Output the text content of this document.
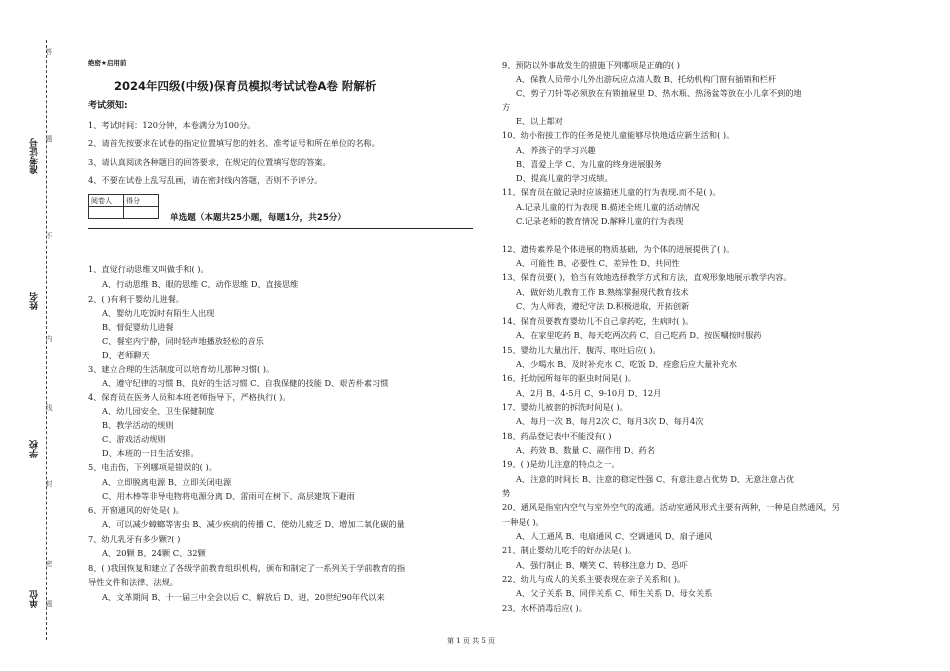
答
题
不
内
线
封
密
题
准考证号
姓名
学校
单位
绝密★启用前
2024年四级(中级)保育员模拟考试试卷A卷 附解析
考试须知:
1、考试时间：120分钟，本卷满分为100分。
2、请首先按要求在试卷的指定位置填写您的姓名、准考证号和所在单位的名称。
3、请认真阅读各种题目的回答要求，在规定的位置填写您的答案。
4、不要在试卷上乱写乱画，请在密封线内答题，否则不予评分。
阅卷人	得分

单选题（本题共25小题，每题1分，共25分）
1、直觉行动思维又叫做手和( )。
A、行动思维 B、眼的思维 C、动作思维 D、直接思维
2、( )有利于婴幼儿进餐。
A、婴幼儿吃饭时有陌生人出现
B、督促婴幼儿进餐
C、餐室内宁静，同时轻声地播放轻松的音乐
D、老师聊天
3、建立合理的生活制度可以培育幼儿那种习惯( )。
A、遵守纪律的习惯 B、良好的生活习惯 C、自我保健的技能 D、艰苦朴素习惯
4、保育员在医务人员和本班老师指导下，严格执行( )。
A、幼儿园安全、卫生保健制度
B、教学活动的规则
C、游戏活动规则
D、本班的一日生活安排。
5、电击伤，下列哪项是错误的( )。
A、立即脱离电源 B、立即关闭电源
C、用木棒等非导电物将电源分离 D、雷雨可在树下、高层建筑下避雨
6、开窗通风的好处是( )。
A、可以减少蟑螂等害虫 B、减少疾病的传播 C、使幼儿疲乏 D、增加二氧化碳的量
7、幼儿乳牙有多少颗?( )
A、20颗 B、24颗 C、32颗
8、( )我国恢复和建立了各级学前教育组织机构，颁布和制定了一系列关于学前教育的指
导性文件和法律、法规。
A、文革期间 B、十一届三中全会以后 C、解放后 D、进，20世纪90年代以来
9、预防以外事故发生的措施下列哪项是正确的( )
A、保教人员带小儿外出游玩应点清人数 B、托幼机构门窗有插销和栏杆
C、剪子刀针等必须放在有锁抽屉里 D、热水瓶、热汤盆等放在小儿拿不到的地
方
E、以上都对
10、幼小衔接工作的任务是使儿童能够尽快地适应新生活和( )。
A、养孩子的学习兴趣
B、喜爱上学 C、为儿童的终身进展服务
D、提高儿童的学习成绩。
11、保育员在做记录时应该描述儿童的行为表现.而不是( )。
A.记录儿童的行为表现 B.描述全班儿童的活动情况
C.记录老师的教育情况 D.解释儿童的行为表现
12、遗传素养是个体进展的物质基础，为个体的进展提供了( )。
A、可能性 B、必要性 C、差异性 D、共同性
13、保育员要( )，恰当有效地选择教学方式和方法，直观形象地展示教学内容。
A、做好幼儿教育工作 B.熟练掌握现代教育技术
C、为人师表，遵纪守法 D.积极进取，开拓创新
14、保育员要教育婴幼儿不自己拿药吃，生病时( )。
A、在家里吃药 B、每天吃两次药 C、自己吃药 D、按医嘱按时服药
15、婴幼儿大量出汗、腹泻、呕吐后应( )。
A、少喝水 B、及时补充水 C、吃饭 D、痊愈后应大量补充水
16、托幼园所每年的驱虫时间是( )。
A、2月 B、4-5月 C、9-10月 D、12月
17、婴幼儿被套的拆洗时间是( )。
A、每月一次 B、每月2次 C、每月3次 D、每月4次
18、药品登记表中不能没有( )
A、药效 B、数量 C、副作用 D、药名
19、( )是幼儿注意的特点之一。
A、注意的时间长 B、注意的稳定性强 C、有意注意占优势 D、无意注意占优
势
20、通风是指室内空气与室外空气的流通。活动室通风形式主要有两种，一种是自然通风，另
一种是( )。
A、人工通风 B、电扇通风 C、空调通风 D、扇子通风
21、制止婴幼儿吃手的好办法是( )。
A、强行制止 B、嘲笑 C、转移注意力 D、恐吓
22、幼儿与成人的关系主要表现在亲子关系和( )。
A、父子关系 B、同伴关系 C、师生关系 D、母女关系
23、水杯消毒后应( )。
第 1 页 共 5 页
